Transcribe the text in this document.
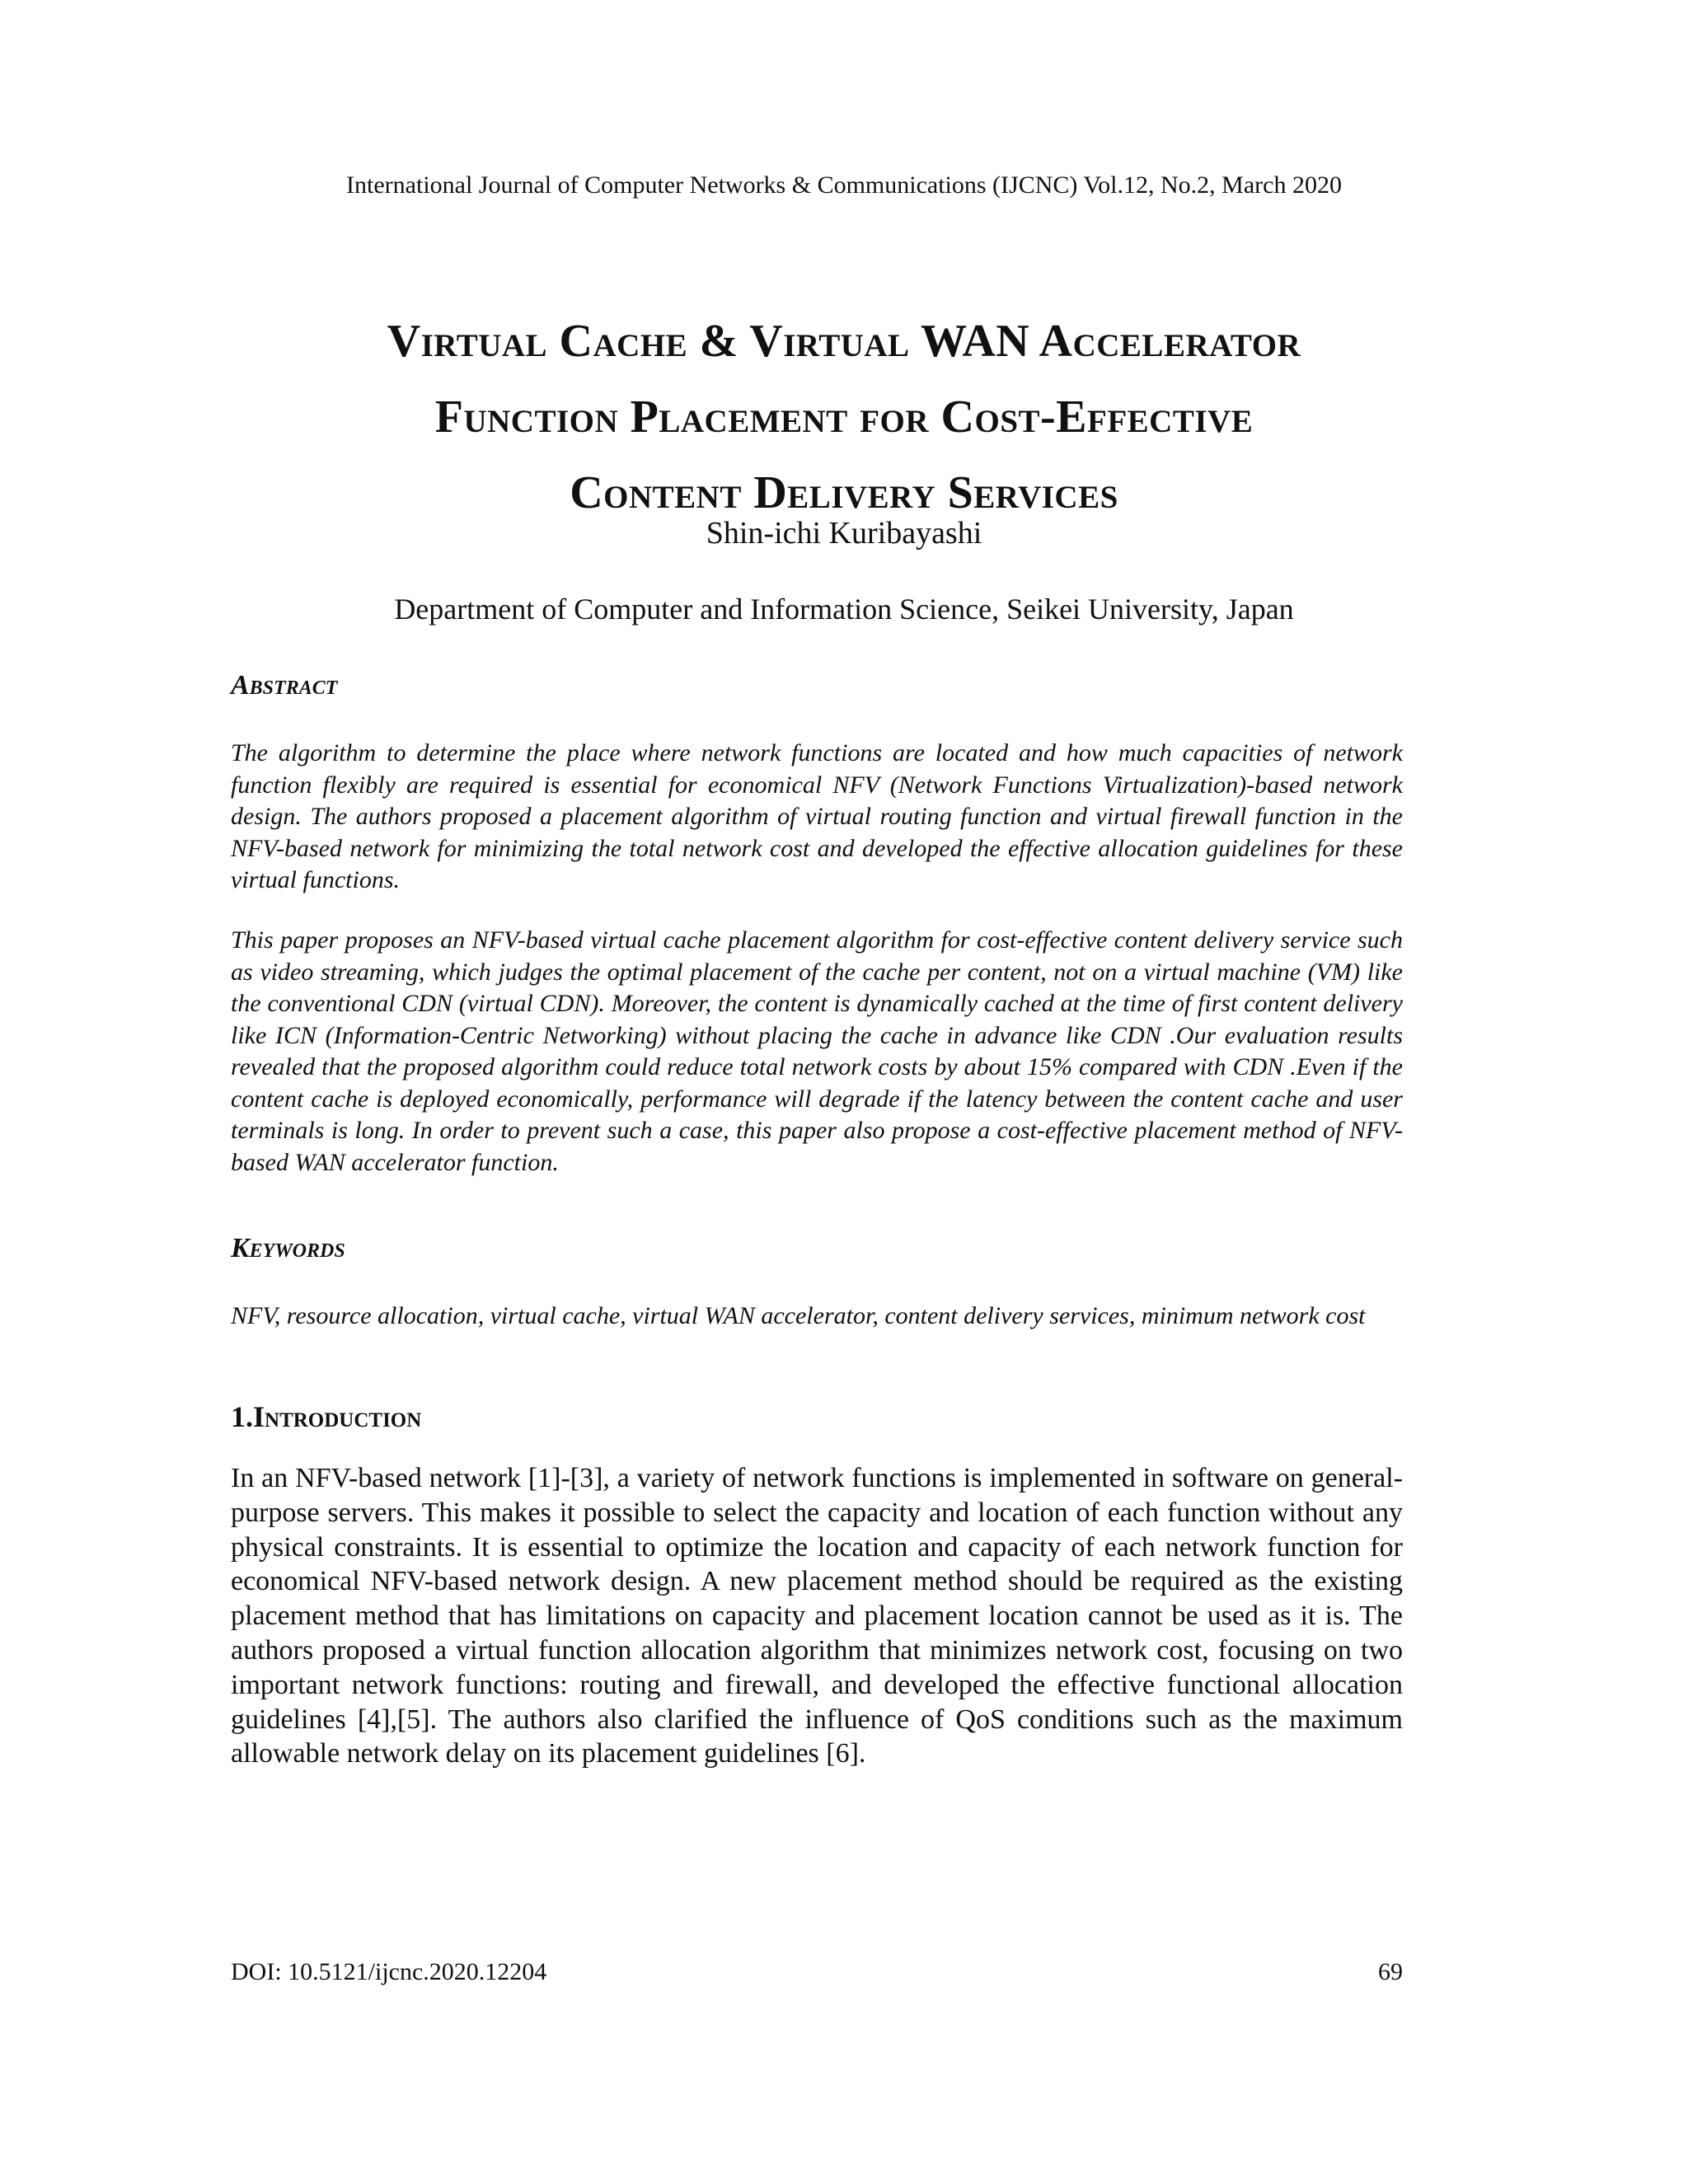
International Journal of Computer Networks & Communications (IJCNC) Vol.12, No.2, March 2020
Virtual Cache & Virtual WAN Accelerator
Function Placement for Cost-Effective
Content Delivery Services
Shin-ichi Kuribayashi
Department of Computer and Information Science, Seikei University, Japan
Abstract
The algorithm to determine the place where network functions are located and how much capacities of network function flexibly are required is essential for economical NFV (Network Functions Virtualization)-based network design. The authors proposed a placement algorithm of virtual routing function and virtual firewall function in the NFV-based network for minimizing the total network cost and developed the effective allocation guidelines for these virtual functions.
This paper proposes an NFV-based virtual cache placement algorithm for cost-effective content delivery service such as video streaming, which judges the optimal placement of the cache per content, not on a virtual machine (VM) like the conventional CDN (virtual CDN). Moreover, the content is dynamically cached at the time of first content delivery like ICN (Information-Centric Networking) without placing the cache in advance like CDN .Our evaluation results revealed that the proposed algorithm could reduce total network costs by about 15% compared with CDN .Even if the content cache is deployed economically, performance will degrade if the latency between the content cache and user terminals is long. In order to prevent such a case, this paper also propose a cost-effective placement method of NFV-based WAN accelerator function.
Keywords
NFV, resource allocation, virtual cache, virtual WAN accelerator, content delivery services, minimum network cost
1.Introduction
In an NFV-based network [1]-[3], a variety of network functions is implemented in software on general-purpose servers. This makes it possible to select the capacity and location of each function without any physical constraints. It is essential to optimize the location and capacity of each network function for economical NFV-based network design. A new placement method should be required as the existing placement method that has limitations on capacity and placement location cannot be used as it is. The authors proposed a virtual function allocation algorithm that minimizes network cost, focusing on two important network functions: routing and firewall, and developed the effective functional allocation guidelines [4],[5]. The authors also clarified the influence of QoS conditions such as the maximum allowable network delay on its placement guidelines [6].
DOI: 10.5121/ijcnc.2020.12204	69
